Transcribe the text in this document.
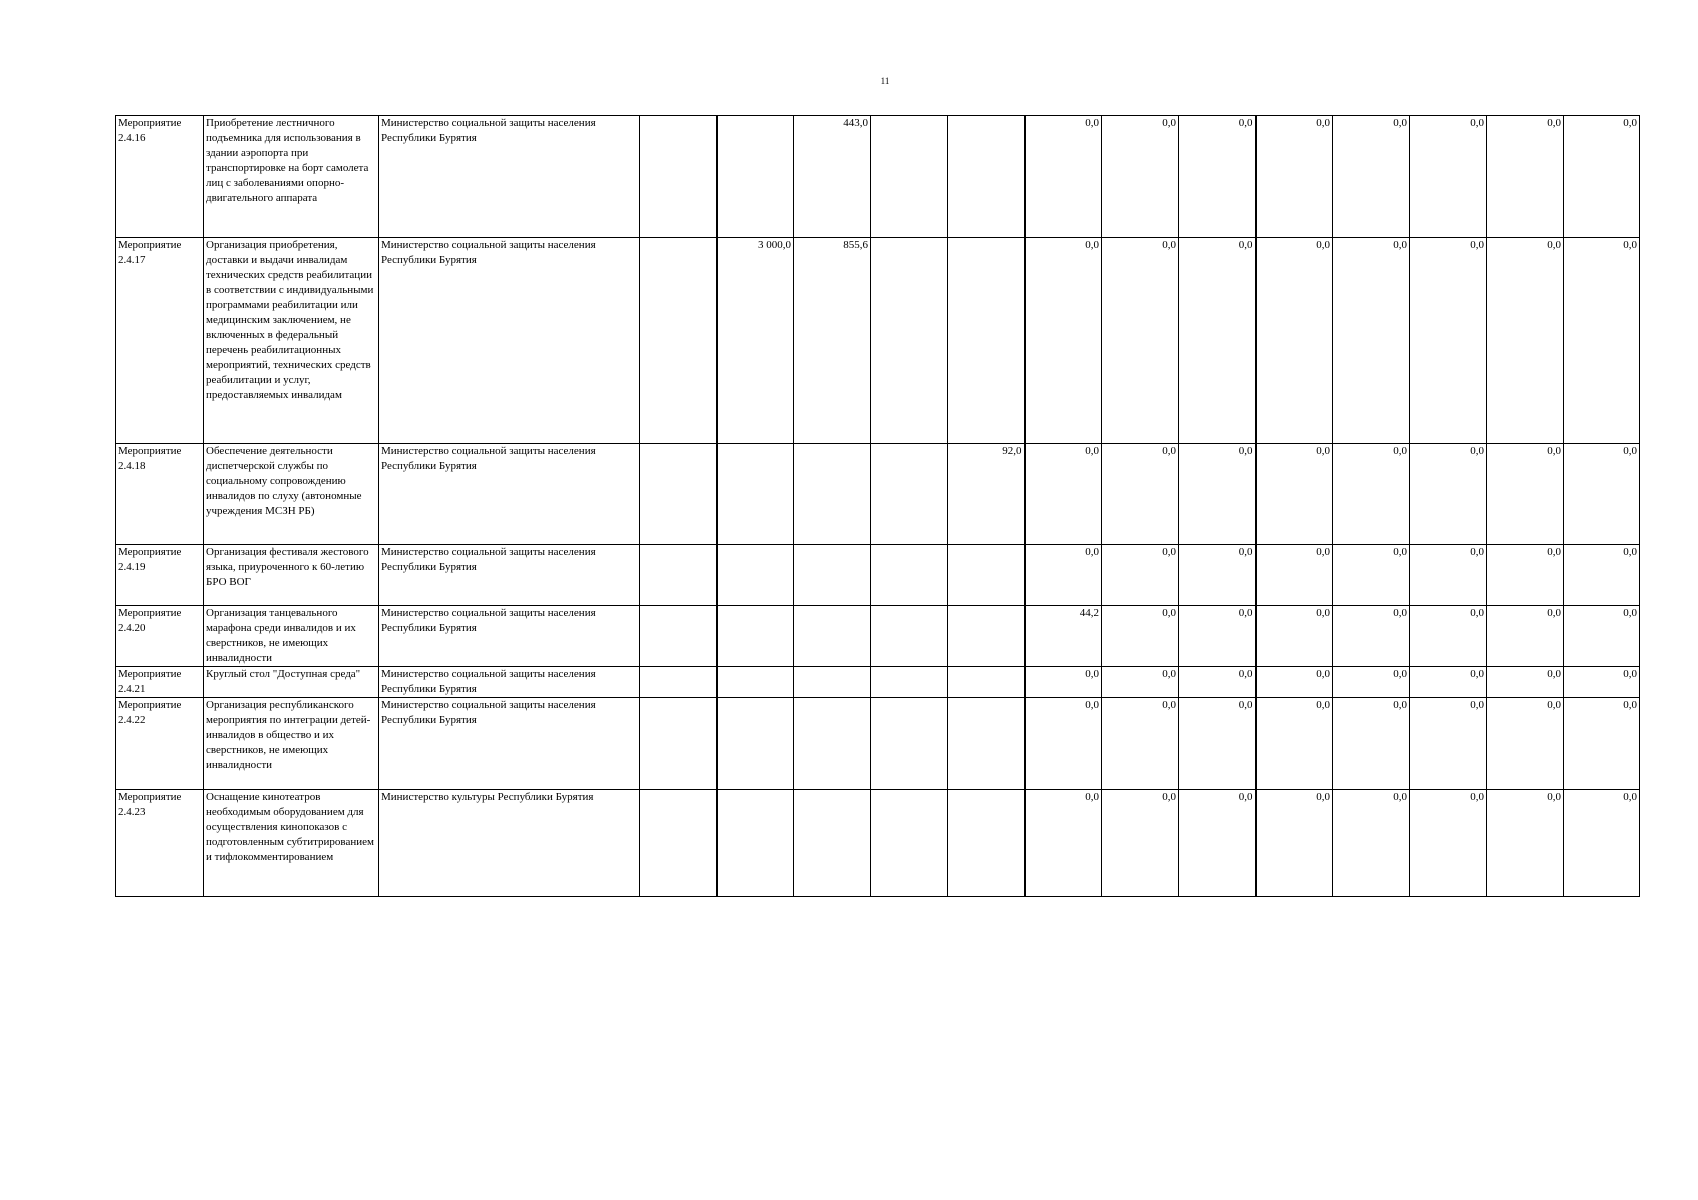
11
Мероприятие 2.4.16	Приобретение лестничного подъемника для использования в здании аэропорта при транспортировке на борт самолета лиц с заболеваниями опорно-двигательного аппарата	Министерство социальной защиты населения Республики Бурятия			443,0			0,0	0,0	0,0	0,0	0,0	0,0	0,0	0,0
Мероприятие 2.4.17	Организация приобретения, доставки и выдачи инвалидам технических средств реабилитации в соответствии с индивидуальными программами реабилитации или медицинским заключением, не включенных в федеральный перечень реабилитационных мероприятий, технических средств реабилитации и услуг, предоставляемых инвалидам	Министерство социальной защиты населения Республики Бурятия		3 000,0	855,6			0,0	0,0	0,0	0,0	0,0	0,0	0,0	0,0
Мероприятие 2.4.18	Обеспечение деятельности диспетчерской службы по социальному сопровождению инвалидов по слуху (автономные учреждения МСЗН РБ)	Министерство социальной защиты населения Республики Бурятия					92,0	0,0	0,0	0,0	0,0	0,0	0,0	0,0	0,0
Мероприятие 2.4.19	Организация фестиваля жестового языка, приуроченного к 60-летию БРО ВОГ	Министерство социальной защиты населения Республики Бурятия						0,0	0,0	0,0	0,0	0,0	0,0	0,0	0,0
Мероприятие 2.4.20	Организация танцевального марафона среди инвалидов и их сверстников, не имеющих инвалидности	Министерство социальной защиты населения Республики Бурятия						44,2	0,0	0,0	0,0	0,0	0,0	0,0	0,0
Мероприятие 2.4.21	Круглый стол "Доступная среда"	Министерство социальной защиты населения Республики Бурятия						0,0	0,0	0,0	0,0	0,0	0,0	0,0	0,0
Мероприятие 2.4.22	Организация республиканского мероприятия по интеграции детей-инвалидов в общество и их сверстников, не имеющих инвалидности	Министерство социальной защиты населения Республики Бурятия						0,0	0,0	0,0	0,0	0,0	0,0	0,0	0,0
Мероприятие 2.4.23	Оснащение кинотеатров необходимым оборудованием для осуществления кинопоказов с подготовленным субтитрированием и тифлокомментированием	Министерство культуры Республики Бурятия						0,0	0,0	0,0	0,0	0,0	0,0	0,0	0,0
